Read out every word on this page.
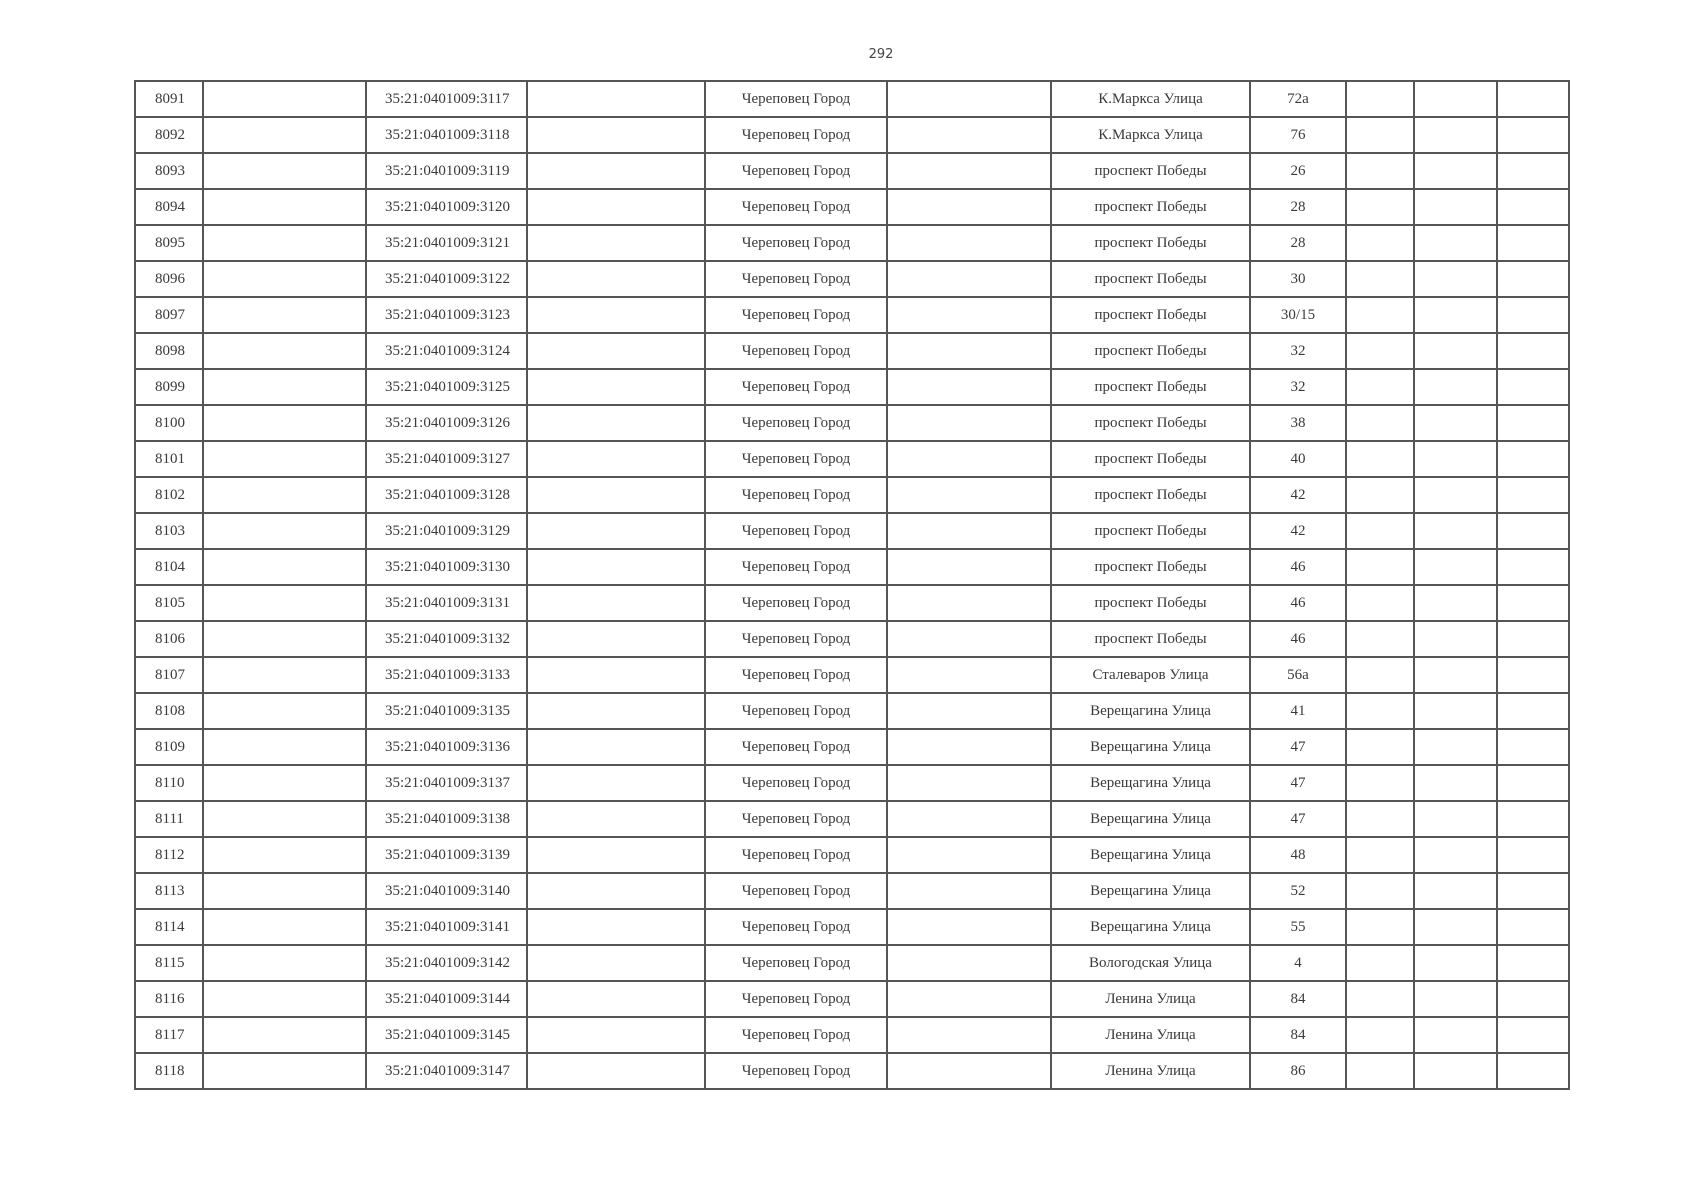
292
8091		35:21:0401009:3117		Череповец Город		К.Маркса Улица	72а			
8092		35:21:0401009:3118		Череповец Город		К.Маркса Улица	76			
8093		35:21:0401009:3119		Череповец Город		проспект Победы	26			
8094		35:21:0401009:3120		Череповец Город		проспект Победы	28			
8095		35:21:0401009:3121		Череповец Город		проспект Победы	28			
8096		35:21:0401009:3122		Череповец Город		проспект Победы	30			
8097		35:21:0401009:3123		Череповец Город		проспект Победы	30/15			
8098		35:21:0401009:3124		Череповец Город		проспект Победы	32			
8099		35:21:0401009:3125		Череповец Город		проспект Победы	32			
8100		35:21:0401009:3126		Череповец Город		проспект Победы	38			
8101		35:21:0401009:3127		Череповец Город		проспект Победы	40			
8102		35:21:0401009:3128		Череповец Город		проспект Победы	42			
8103		35:21:0401009:3129		Череповец Город		проспект Победы	42			
8104		35:21:0401009:3130		Череповец Город		проспект Победы	46			
8105		35:21:0401009:3131		Череповец Город		проспект Победы	46			
8106		35:21:0401009:3132		Череповец Город		проспект Победы	46			
8107		35:21:0401009:3133		Череповец Город		Сталеваров Улица	56а			
8108		35:21:0401009:3135		Череповец Город		Верещагина Улица	41			
8109		35:21:0401009:3136		Череповец Город		Верещагина Улица	47			
8110		35:21:0401009:3137		Череповец Город		Верещагина Улица	47			
8111		35:21:0401009:3138		Череповец Город		Верещагина Улица	47			
8112		35:21:0401009:3139		Череповец Город		Верещагина Улица	48			
8113		35:21:0401009:3140		Череповец Город		Верещагина Улица	52			
8114		35:21:0401009:3141		Череповец Город		Верещагина Улица	55			
8115		35:21:0401009:3142		Череповец Город		Вологодская Улица	4			
8116		35:21:0401009:3144		Череповец Город		Ленина Улица	84			
8117		35:21:0401009:3145		Череповец Город		Ленина Улица	84			
8118		35:21:0401009:3147		Череповец Город		Ленина Улица	86			
